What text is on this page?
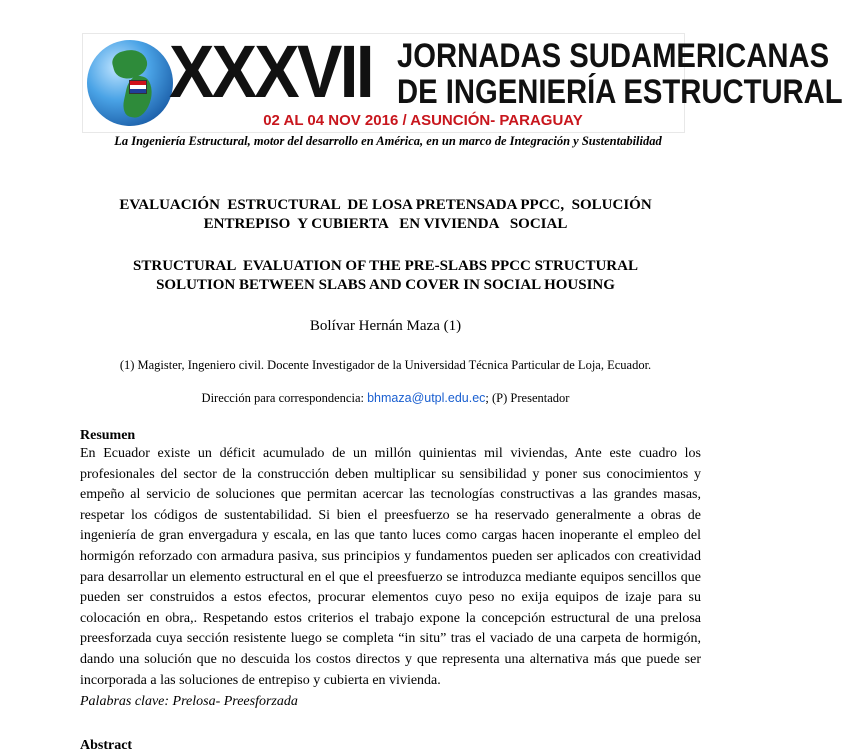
XXXVII JORNADAS SUDAMERICANAS
DE INGENIERÍA ESTRUCTURAL
02 AL 04 NOV 2016 / ASUNCIÓN- PARAGUAY
La Ingeniería Estructural, motor del desarrollo en América, en un marco de Integración y Sustentabilidad
EVALUACIÓN  ESTRUCTURAL  DE LOSA PRETENSADA PPCC,  SOLUCIÓN
ENTREPISO  Y CUBIERTA   EN VIVIENDA   SOCIAL
STRUCTURAL  EVALUATION OF THE PRE-SLABS PPCC STRUCTURAL
SOLUTION BETWEEN SLABS AND COVER IN SOCIAL HOUSING
Bolívar Hernán Maza (1)
(1) Magister, Ingeniero civil. Docente Investigador de la Universidad Técnica Particular de Loja, Ecuador.
Dirección para correspondencia: bhmaza@utpl.edu.ec; (P) Presentador
Resumen

En Ecuador existe un déficit acumulado de un millón quinientas mil viviendas, Ante este cuadro los profesionales del sector de la construcción deben multiplicar su sensibilidad y poner sus conocimientos y empeño al servicio de soluciones que permitan acercar las tecnologías constructivas a las grandes masas, respetar los códigos de sustentabilidad. Si bien el preesfuerzo se ha reservado generalmente a obras de ingeniería de gran envergadura y escala, en las que tanto luces como cargas hacen inoperante el empleo del hormigón reforzado con armadura pasiva, sus principios y fundamentos pueden ser aplicados con creatividad para desarrollar un elemento estructural en el que el preesfuerzo se introduzca mediante equipos sencillos que pueden ser construidos a estos efectos, procurar elementos cuyo peso no exija equipos de izaje para su colocación en obra,. Respetando estos criterios el trabajo expone la concepción estructural de una prelosa preesforzada cuya sección resistente luego se completa “in situ” tras el vaciado de una carpeta de hormigón, dando una solución que no descuida los costos directos y que representa una alternativa más que puede ser incorporada a las soluciones de entrepiso y cubierta en vivienda.

Palabras clave: Prelosa- Preesforzada
Abstract
